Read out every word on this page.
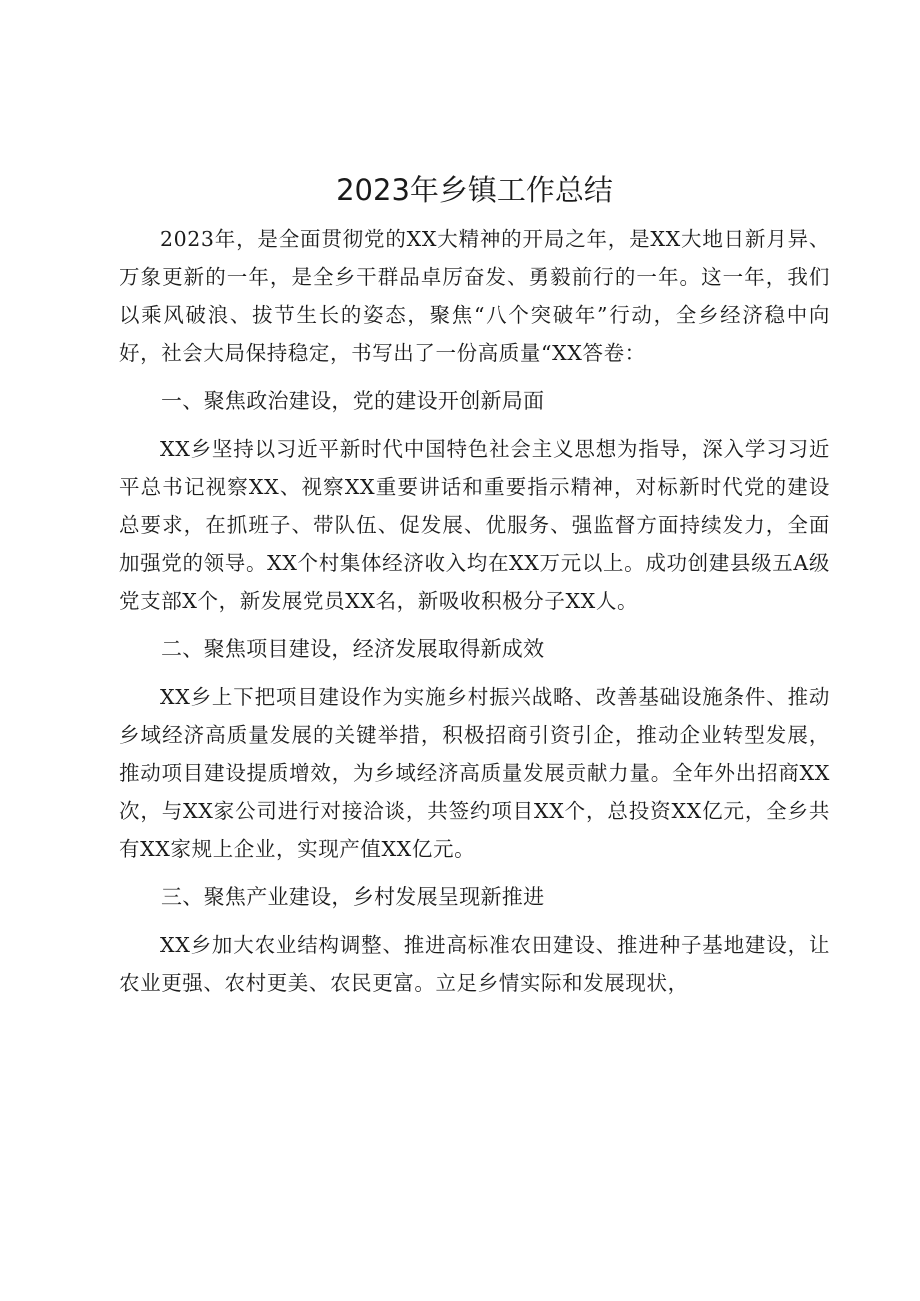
2023年乡镇工作总结

2023年，是全面贯彻党的XX大精神的开局之年，是XX大地日新月异、万象更新的一年，是全乡干群品卓厉奋发、勇毅前行的一年。这一年，我们以乘风破浪、拔节生长的姿态，聚焦“八个突破年”行动，全乡经济稳中向好，社会大局保持稳定，书写出了一份高质量“XX答卷：

一、聚焦政治建设，党的建设开创新局面

XX乡坚持以习近平新时代中国特色社会主义思想为指导，深入学习习近平总书记视察XX、视察XX重要讲话和重要指示精神，对标新时代党的建设总要求，在抓班子、带队伍、促发展、优服务、强监督方面持续发力，全面加强党的领导。XX个村集体经济收入均在XX万元以上。成功创建县级五A级党支部X个，新发展党员XX名，新吸收积极分子XX人。

二、聚焦项目建设，经济发展取得新成效

XX乡上下把项目建设作为实施乡村振兴战略、改善基础设施条件、推动乡域经济高质量发展的关键举措，积极招商引资引企，推动企业转型发展，推动项目建设提质增效，为乡域经济高质量发展贡献力量。全年外出招商XX次，与XX家公司进行对接洽谈，共签约项目XX个，总投资XX亿元，全乡共有XX家规上企业，实现产值XX亿元。

三、聚焦产业建设，乡村发展呈现新推进

XX乡加大农业结构调整、推进高标准农田建设、推进种子基地建设，让农业更强、农村更美、农民更富。立足乡情实际和发展现状，
